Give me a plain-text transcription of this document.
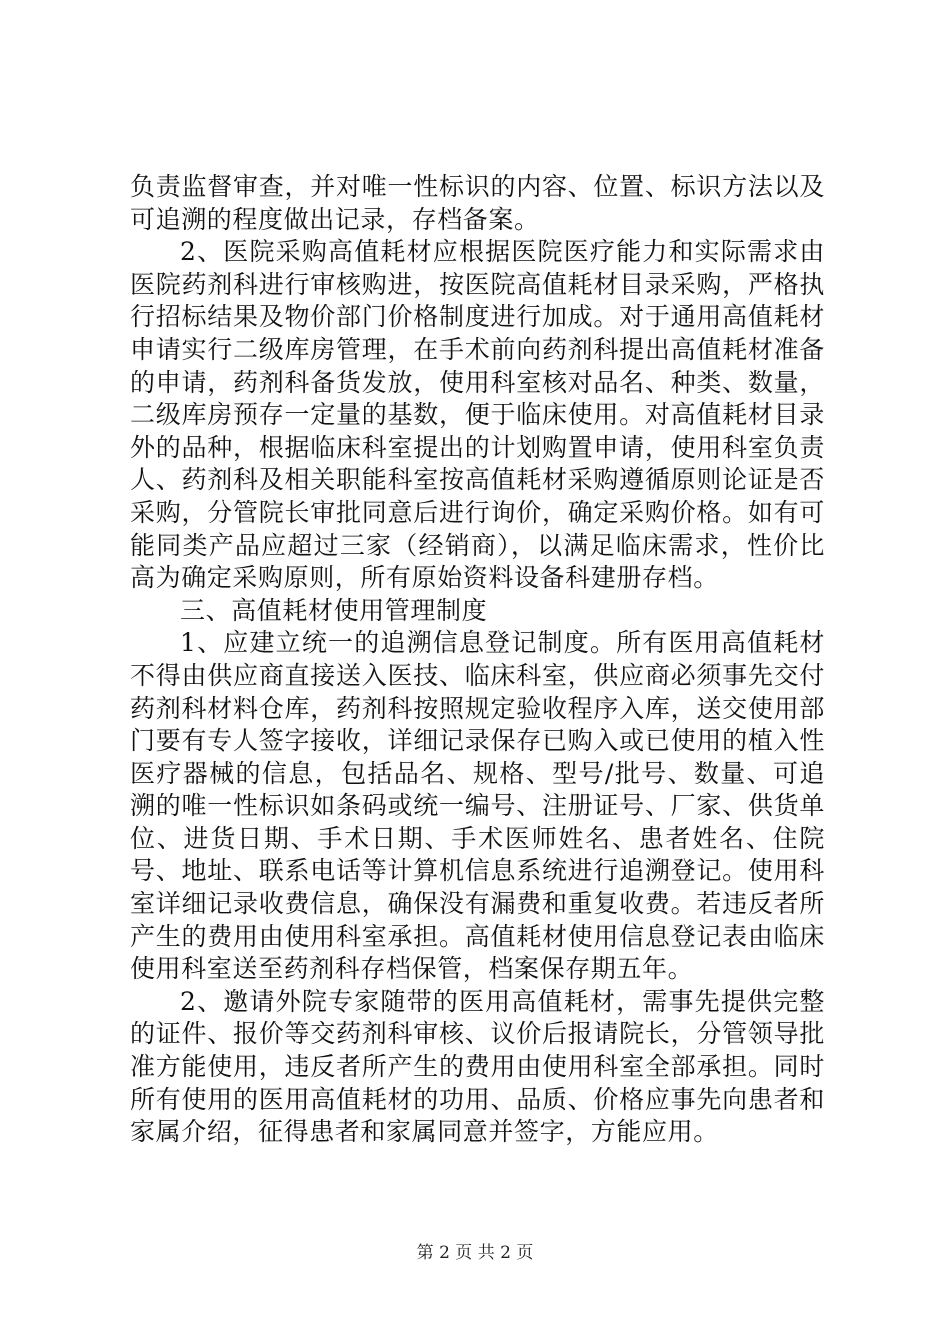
负责监督审查，并对唯一性标识的内容、位置、标识方法以及可追溯的程度做出记录，存档备案。

2、医院采购高值耗材应根据医院医疗能力和实际需求由医院药剂科进行审核购进，按医院高值耗材目录采购，严格执行招标结果及物价部门价格制度进行加成。对于通用高值耗材申请实行二级库房管理，在手术前向药剂科提出高值耗材准备的申请，药剂科备货发放，使用科室核对品名、种类、数量，二级库房预存一定量的基数，便于临床使用。对高值耗材目录外的品种，根据临床科室提出的计划购置申请，使用科室负责人、药剂科及相关职能科室按高值耗材采购遵循原则论证是否采购，分管院长审批同意后进行询价，确定采购价格。如有可能同类产品应超过三家（经销商），以满足临床需求，性价比高为确定采购原则，所有原始资料设备科建册存档。

三、高值耗材使用管理制度

1、应建立统一的追溯信息登记制度。所有医用高值耗材不得由供应商直接送入医技、临床科室，供应商必须事先交付药剂科材料仓库，药剂科按照规定验收程序入库，送交使用部门要有专人签字接收，详细记录保存已购入或已使用的植入性医疗器械的信息，包括品名、规格、型号/批号、数量、可追溯的唯一性标识如条码或统一编号、注册证号、厂家、供货单位、进货日期、手术日期、手术医师姓名、患者姓名、住院号、地址、联系电话等计算机信息系统进行追溯登记。使用科室详细记录收费信息，确保没有漏费和重复收费。若违反者所产生的费用由使用科室承担。高值耗材使用信息登记表由临床使用科室送至药剂科存档保管，档案保存期五年。

2、邀请外院专家随带的医用高值耗材，需事先提供完整的证件、报价等交药剂科审核、议价后报请院长，分管领导批准方能使用，违反者所产生的费用由使用科室全部承担。同时所有使用的医用高值耗材的功用、品质、价格应事先向患者和家属介绍，征得患者和家属同意并签字，方能应用。

第 2 页 共 2 页
